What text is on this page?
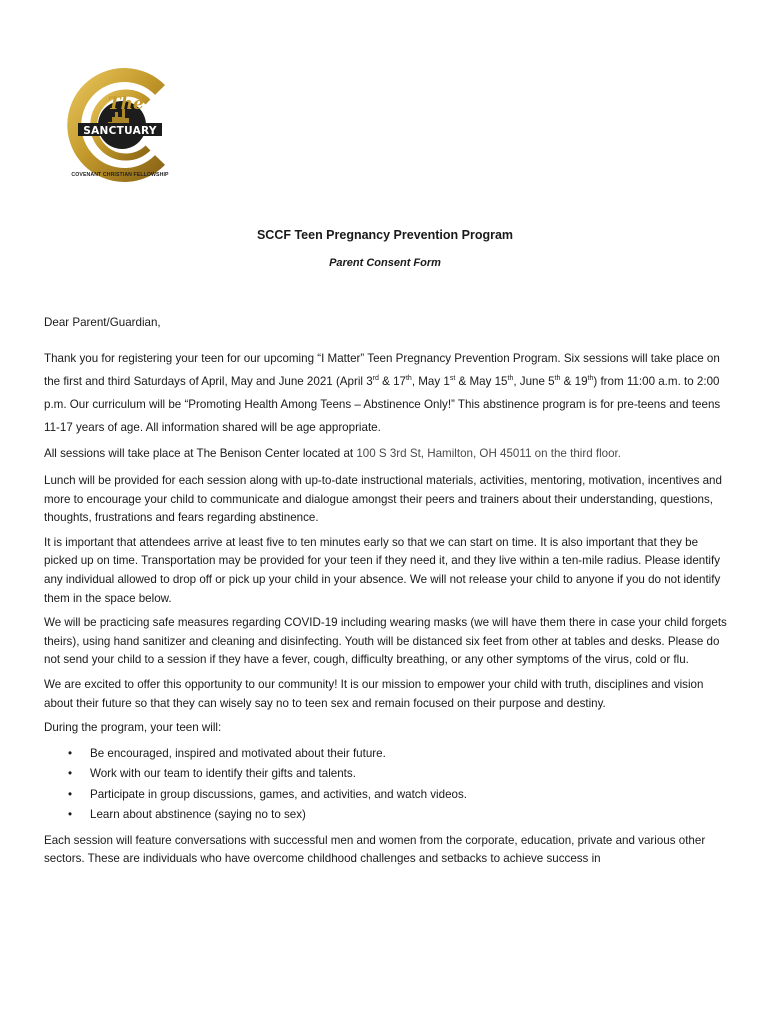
The
SANCTUARY
COVENANT CHRISTIAN FELLOWSHIP
SCCF Teen Pregnancy Prevention Program
Parent Consent Form

Dear Parent/Guardian,

Thank you for registering your teen for our upcoming “I Matter” Teen Pregnancy Prevention Program. Six sessions will take place on the first and third Saturdays of April, May and June 2021 (April 3rd & 17th, May 1st & May 15th, June 5th & 19th) from 11:00 a.m. to 2:00 p.m. Our curriculum will be “Promoting Health Among Teens – Abstinence Only!” This abstinence program is for pre-teens and teens 11-17 years of age. All information shared will be age appropriate.

All sessions will take place at The Benison Center located at 100 S 3rd St, Hamilton, OH 45011 on the third floor.

Lunch will be provided for each session along with up-to-date instructional materials, activities, mentoring, motivation, incentives and more to encourage your child to communicate and dialogue amongst their peers and trainers about their understanding, questions, thoughts, frustrations and fears regarding abstinence.

It is important that attendees arrive at least five to ten minutes early so that we can start on time. It is also important that they be picked up on time. Transportation may be provided for your teen if they need it, and they live within a ten-mile radius. Please identify any individual allowed to drop off or pick up your child in your absence. We will not release your child to anyone if you do not identify them in the space below.

We will be practicing safe measures regarding COVID-19 including wearing masks (we will have them there in case your child forgets theirs), using hand sanitizer and cleaning and disinfecting. Youth will be distanced six feet from other at tables and desks. Please do not send your child to a session if they have a fever, cough, difficulty breathing, or any other symptoms of the virus, cold or flu.

We are excited to offer this opportunity to our community! It is our mission to empower your child with truth, disciplines and vision about their future so that they can wisely say no to teen sex and remain focused on their purpose and destiny.

During the program, your teen will:

• Be encouraged, inspired and motivated about their future.
• Work with our team to identify their gifts and talents.
• Participate in group discussions, games, and activities, and watch videos.
• Learn about abstinence (saying no to sex)

Each session will feature conversations with successful men and women from the corporate, education, private and various other sectors. These are individuals who have overcome childhood challenges and setbacks to achieve success in
